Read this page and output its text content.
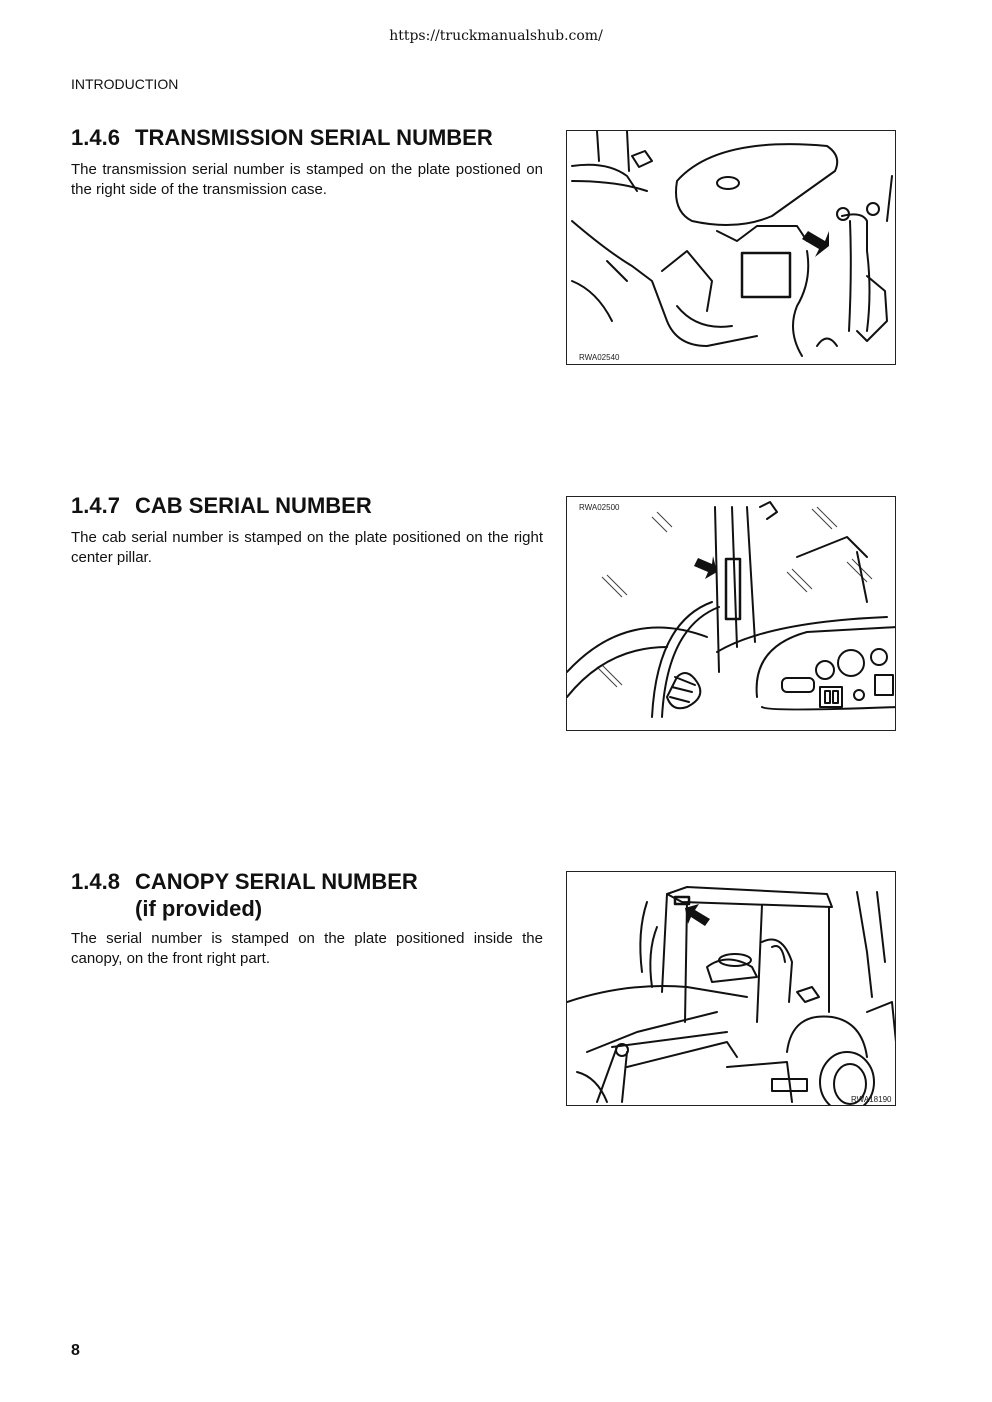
https://truckmanualshub.com/
INTRODUCTION
1.4.6 TRANSMISSION SERIAL NUMBER

The transmission serial number is stamped on the plate postioned on the right side of the transmission case.

RWA02540
1.4.7 CAB SERIAL NUMBER

The cab serial number is stamped on the plate positioned on the right center pillar.

RWA02500
1.4.8 CANOPY SERIAL NUMBER
(if provided)

The serial number is stamped on the plate positioned inside the canopy, on the front right part.

RWA18190
8
